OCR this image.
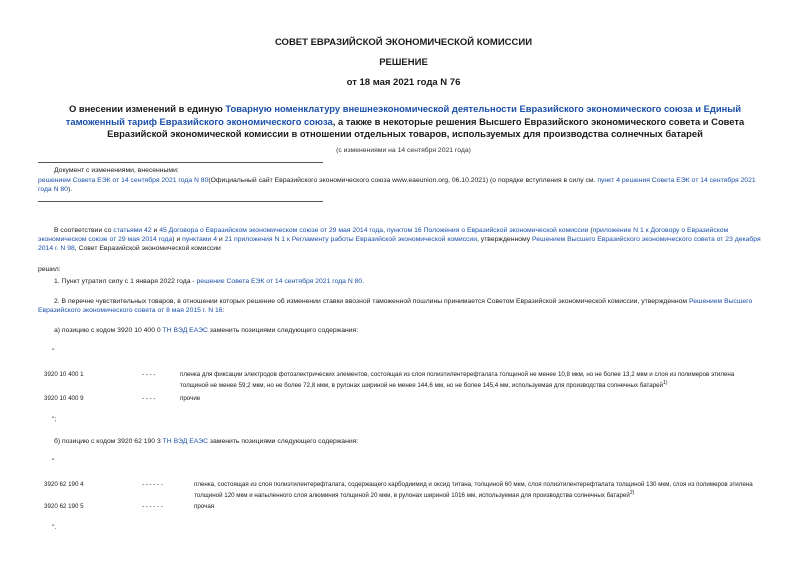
СОВЕТ ЕВРАЗИЙСКОЙ ЭКОНОМИЧЕСКОЙ КОМИССИИ
РЕШЕНИЕ
от 18 мая 2021 года N 76
О внесении изменений в единую Товарную номенклатуру внешнеэкономической деятельности Евразийского экономического союза и Единый таможенный тариф Евразийского экономического союза, а также в некоторые решения Высшего Евразийского экономического совета и Совета Евразийской экономической комиссии в отношении отдельных товаров, используемых для производства солнечных батарей
(с изменениями на 14 сентября 2021 года)
Документ с изменениями, внесенными:
решением Совета ЕЭК от 14 сентября 2021 года N 80(Официальный сайт Евразийского экономического союза www.eaeunion.org, 06.10.2021) (о порядке вступления в силу см. пункт 4 решения Совета ЕЭК от 14 сентября 2021 года N 80).
В соответствии со статьями 42 и 45 Договора о Евразийском экономическом союзе от 29 мая 2014 года, пунктом 16 Положения о Евразийской экономической комиссии (приложение N 1 к Договору о Евразийском экономическом союзе от 29 мая 2014 года) и пунктами 4 и 21 приложения N 1 к Регламенту работы Евразийской экономической комиссии, утвержденному Решением Высшего Евразийского экономического совета от 23 декабря 2014 г. N 98, Совет Евразийской экономической комиссии
решил:
1. Пункт утратил силу с 1 января 2022 года - решение Совета ЕЭК от 14 сентября 2021 года N 80.
2. В перечне чувствительных товаров, в отношении которых решение об изменении ставки ввозной таможенной пошлины принимается Советом Евразийской экономической комиссии, утвержденном Решением Высшего Евразийского экономического совета от 8 мая 2015 г. N 16:
а) позицию с кодом 3920 10 400 0 ТН ВЭД ЕАЭС заменить позициями следующего содержания:
"
3920 10 400 1	- - - -	пленка для фиксации электродов фотоэлектрических элементов, состоящая из слоя полиэтилентерефталата толщиной не менее 10,8 мкм, но не более 13,2 мкм и слоя из полимеров этилена толщиной не менее 59,2 мкм, но не более 72,8 мкм, в рулонах шириной не менее 144,6 мм, но не более 145,4 мм, используемая для производства солнечных батарей$^{1)}$
3920 10 400 9	- - - -	прочие
";
б) позицию с кодом 3920 62 190 3 ТН ВЭД ЕАЭС заменить позициями следующего содержания:
"
3920 62 190 4	- - - - - -	пленка, состоящая из слоя полиэтилентерефталата, содержащего карбодиимид и оксид титана, толщиной 60 мкм, слоя полиэтилентерефталата толщиной 130 мкм, слоя из полимеров этилена толщиной 120 мкм и напыленного слоя алюминия толщиной 20 мкм, в рулонах шириной 1016 мм, используемая для производства солнечных батарей$^{2)}$
3920 62 190 5	- - - - - -	прочая
".
